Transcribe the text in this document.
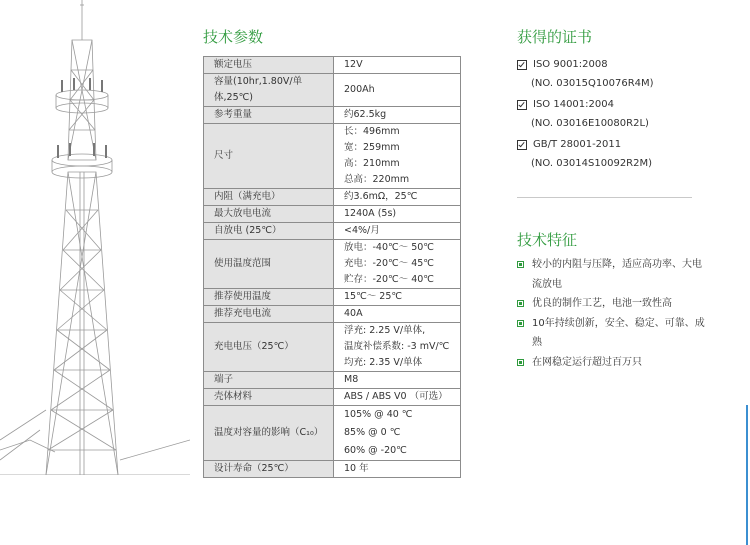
技术参数
额定电压	12V

容量(10hr,1.80V/单体,25℃)	200Ah

参考重量	约62.5kg

尺寸	长：496mm
宽：259mm
高：210mm
总高：220mm

内阻（满充电）	约3.6mΩ，25℃

最大放电电流	1240A (5s)

自放电 (25℃）	<4%/月

使用温度范围	放电：-40℃～ 50℃
充电：-20℃～ 45℃
贮存：-20℃～ 40℃

推荐使用温度	15℃～ 25℃

推荐充电电流	40A

充电电压（25℃）	浮充: 2.25 V/单体,
温度补偿系数: -3 mV/℃
均充: 2.35 V/单体

端子	M8

壳体材料	ABS / ABS V0 （可选）

温度对容量的影响（C₁₀）	105% @ 40 ℃
85% @ 0 ℃
60% @ -20℃

设计寿命（25℃）	10 年
获得的证书
ISO 9001:2008
(NO. 03015Q10076R4M)
ISO 14001:2004
(NO. 03016E10080R2L)
GB/T 28001-2011
(NO. 03014S10092R2M)
技术特征
较小的内阻与压降，适应高功率、大电流放电
优良的制作工艺，电池一致性高
10年持续创新，安全、稳定、可靠、成熟
在网稳定运行超过百万只
